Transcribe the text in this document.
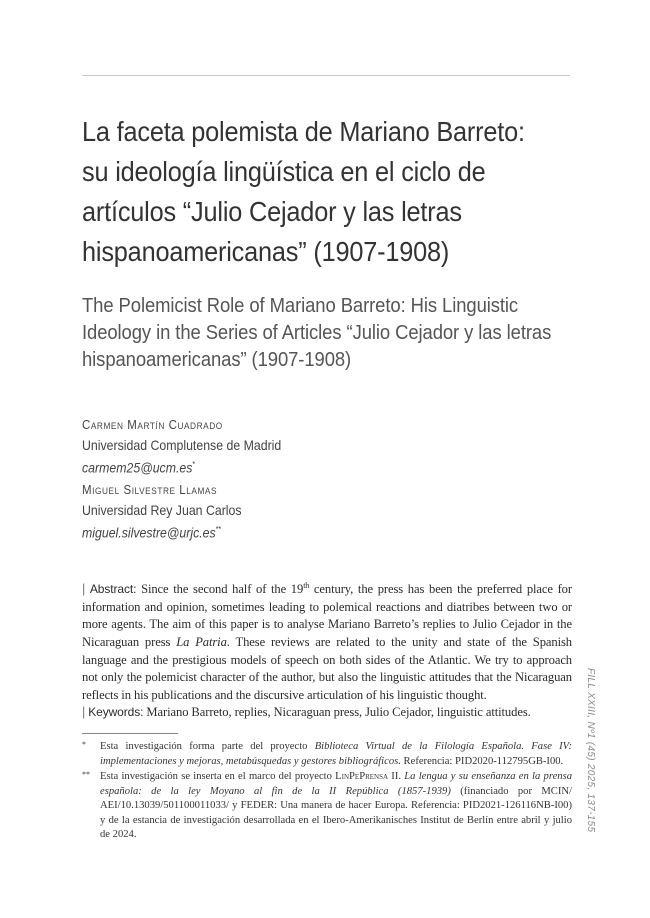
La faceta polemista de Mariano Barreto: su ideología lingüística en el ciclo de artículos “Julio Cejador y las letras hispanoamericanas” (1907-1908)
The Polemicist Role of Mariano Barreto: His Linguistic Ideology in the Series of Articles “Julio Cejador y las letras hispanoamericanas” (1907-1908)
Carmen Martín Cuadrado
Universidad Complutense de Madrid
carmem25@ucm.es*
Miguel Silvestre Llamas
Universidad Rey Juan Carlos
miguel.silvestre@urjc.es**

| Abstract: Since the second half of the 19th century, the press has been the preferred place for information and opinion, sometimes leading to polemical reactions and diatribes between two or more agents. The aim of this paper is to analyse Mariano Barreto’s replies to Julio Cejador in the Nicaraguan press La Patria. These reviews are related to the unity and state of the Spanish language and the prestigious models of speech on both sides of the Atlantic. We try to approach not only the polemicist character of the author, but also the linguistic attitudes that the Nicaraguan reflects in his publications and the discursive articulation of his linguistic thought.

| Keywords: Mariano Barreto, replies, Nicaraguan press, Julio Cejador, linguistic attitudes.

* Esta investigación forma parte del proyecto Biblioteca Virtual de la Filología Española. Fase IV: implementaciones y mejoras, metabúsquedas y gestores bibliográficos. Referencia: PID2020-112795GB-I00.
** Esta investigación se inserta en el marco del proyecto LinPePrensa II. La lengua y su enseñanza en la prensa española: de la ley Moyano al fin de la II República (1857-1939) (financiado por MCIN/ AEI/10.13039/501100011033/ y FEDER: Una manera de hacer Europa. Referencia: PID2021-126116NB-I00) y de la estancia de investigación desarrollada en el Ibero-Amerikanisches Institut de Berlín entre abril y julio de 2024.
FILL XXIII, Nº1 (45) 2025, 137-155
